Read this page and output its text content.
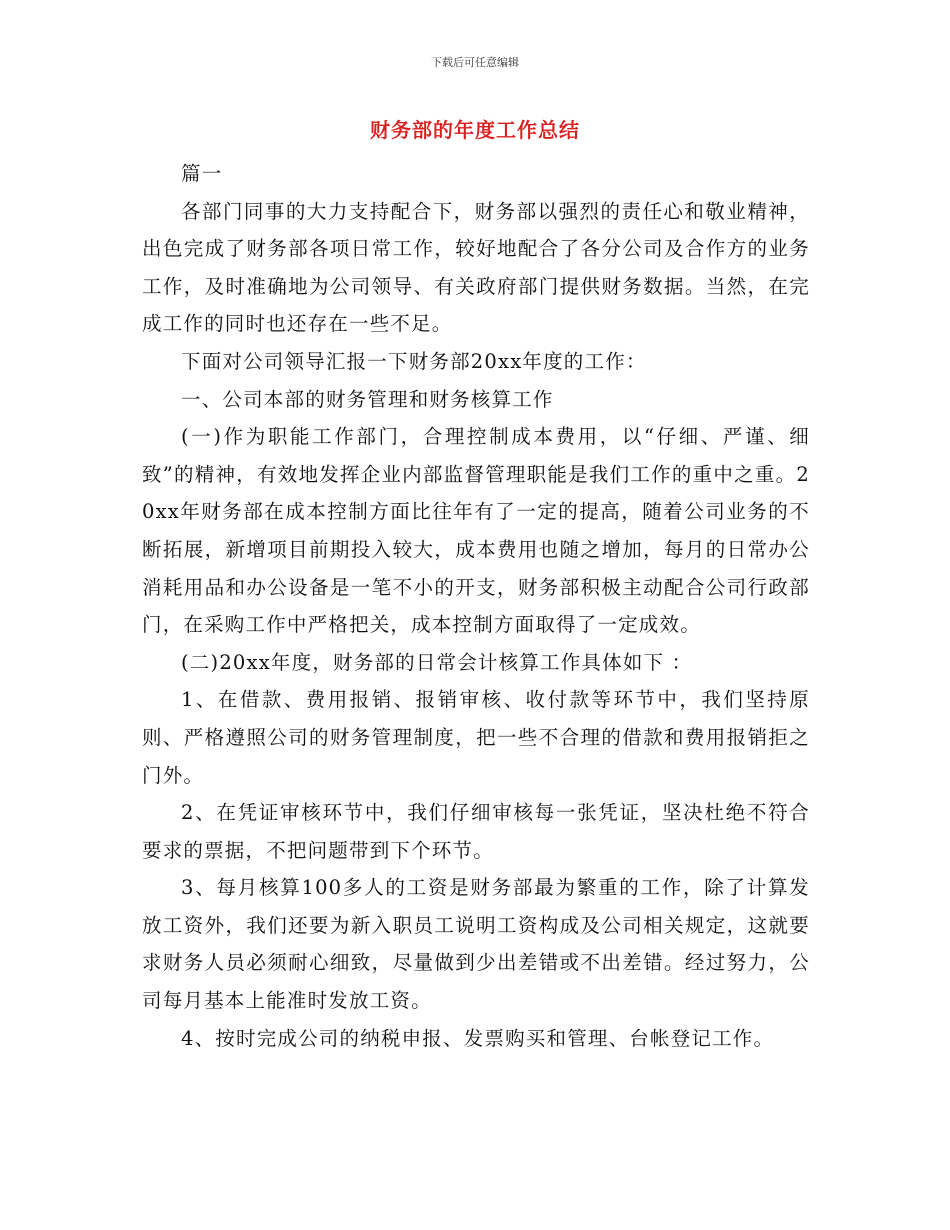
下载后可任意编辑
财务部的年度工作总结

篇一

各部门同事的大力支持配合下，财务部以强烈的责任心和敬业精神，出色完成了财务部各项日常工作，较好地配合了各分公司及合作方的业务工作，及时准确地为公司领导、有关政府部门提供财务数据。当然，在完成工作的同时也还存在一些不足。

下面对公司领导汇报一下财务部20xx年度的工作：

一、公司本部的财务管理和财务核算工作

(一)作为职能工作部门，合理控制成本费用，以“仔细、严谨、细致”的精神，有效地发挥企业内部监督管理职能是我们工作的重中之重。20xx年财务部在成本控制方面比往年有了一定的提高，随着公司业务的不断拓展，新增项目前期投入较大，成本费用也随之增加，每月的日常办公消耗用品和办公设备是一笔不小的开支，财务部积极主动配合公司行政部门，在采购工作中严格把关，成本控制方面取得了一定成效。

(二)20xx年度，财务部的日常会计核算工作具体如下 ：

1、在借款、费用报销、报销审核、收付款等环节中，我们坚持原则、严格遵照公司的财务管理制度，把一些不合理的借款和费用报销拒之门外。

2、在凭证审核环节中，我们仔细审核每一张凭证，坚决杜绝不符合要求的票据，不把问题带到下个环节。

3、每月核算100多人的工资是财务部最为繁重的工作，除了计算发放工资外，我们还要为新入职员工说明工资构成及公司相关规定，这就要求财务人员必须耐心细致，尽量做到少出差错或不出差错。经过努力，公司每月基本上能准时发放工资。

4、按时完成公司的纳税申报、发票购买和管理、台帐登记工作。
